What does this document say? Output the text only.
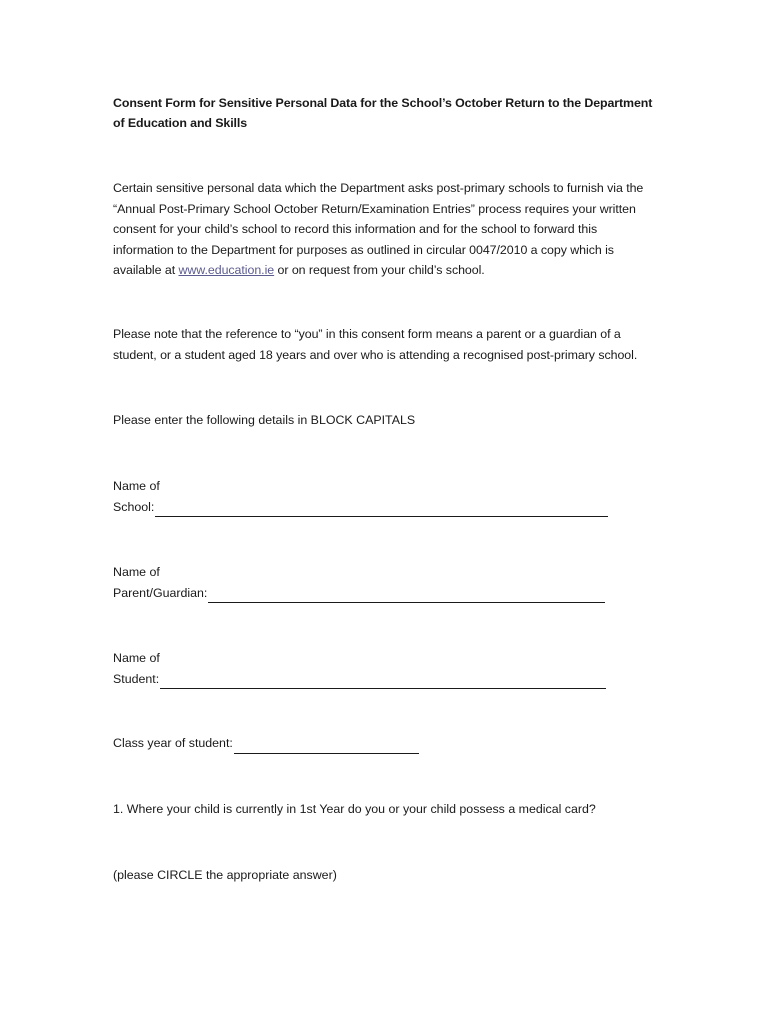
Consent Form for Sensitive Personal Data for the School’s October Return to the Department of Education and Skills

Certain sensitive personal data which the Department asks post-primary schools to furnish via the “Annual Post-Primary School October Return/Examination Entries” process requires your written consent for your child’s school to record this information and for the school to forward this information to the Department for purposes as outlined in circular 0047/2010 a copy which is available at www.education.ie or on request from your child’s school.

Please note that the reference to “you” in this consent form means a parent or a guardian of a student, or a student aged 18 years and over who is attending a recognised post-primary school.

Please enter the following details in BLOCK CAPITALS

Name of
School:
Name of
Parent/Guardian:
Name of
Student:
Class year of student:

1. Where your child is currently in 1st Year do you or your child possess a medical card?

(please CIRCLE the appropriate answer)
